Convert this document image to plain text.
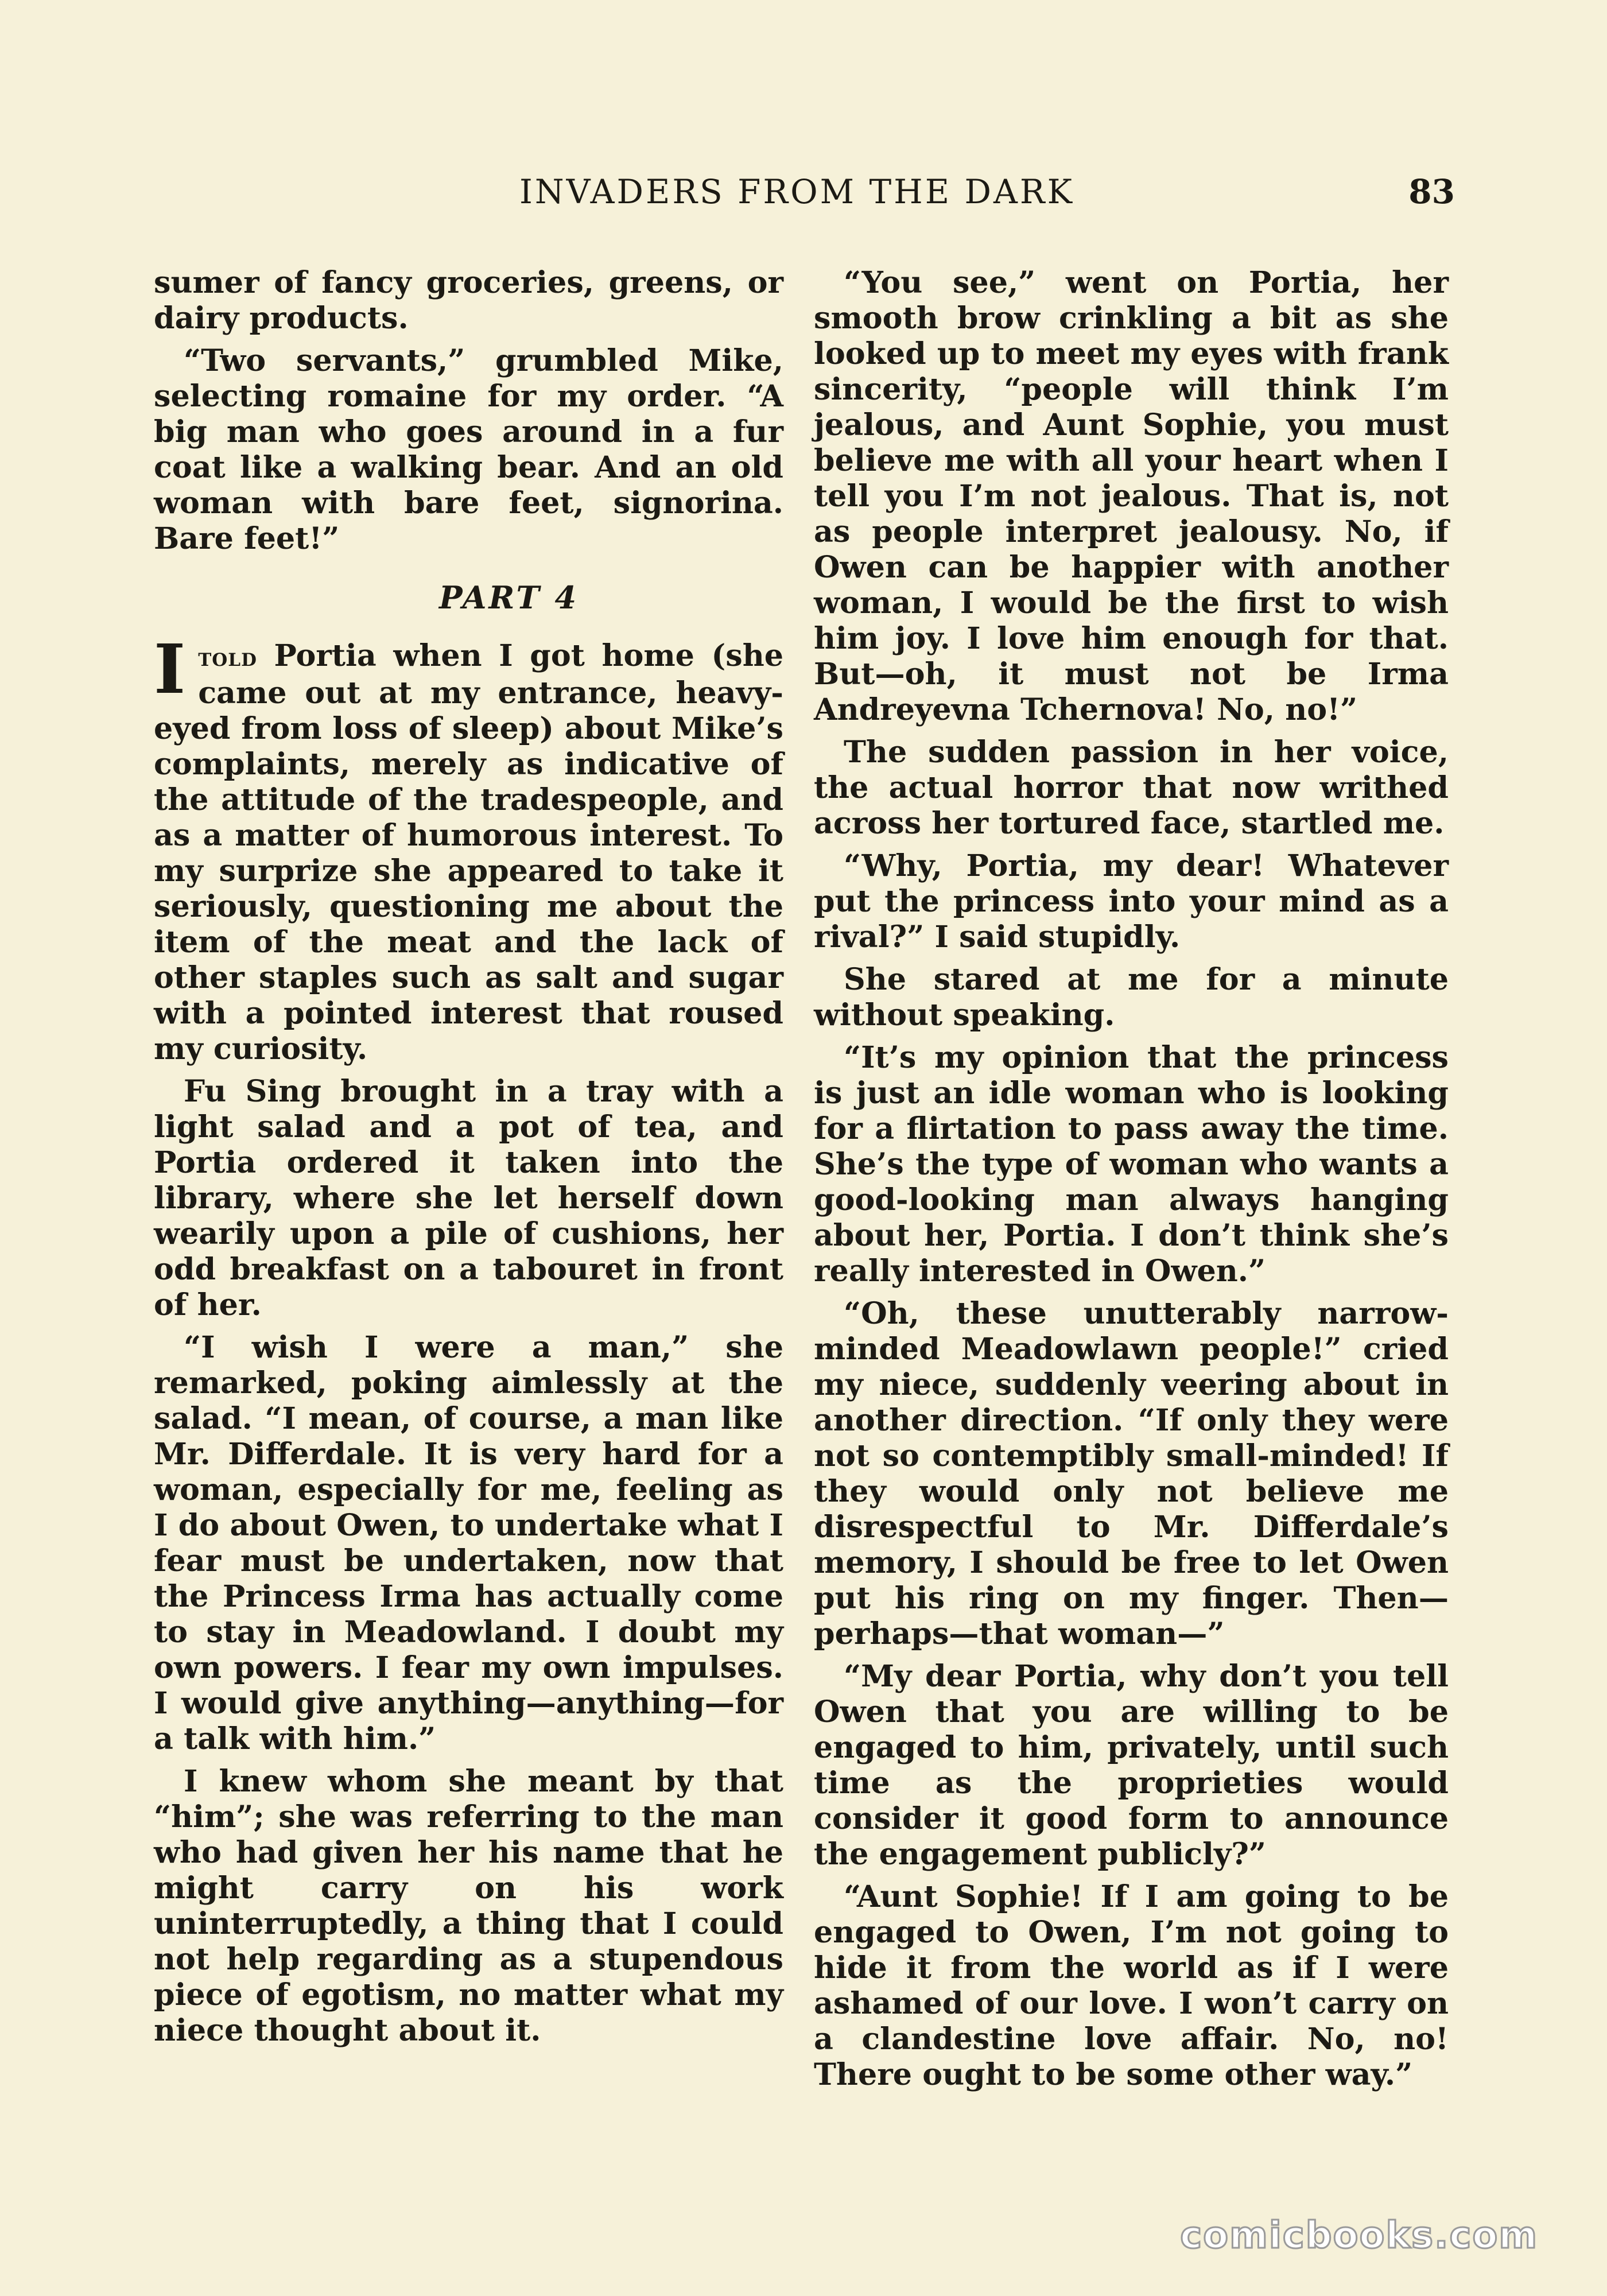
INVADERS FROM THE DARK	83

sumer of fancy groceries, greens, or dairy products.

“Two servants,” grumbled Mike, selecting romaine for my order. “A big man who goes around in a fur coat like a walking bear. And an old woman with bare feet, signorina. Bare feet!”

PART 4

Itold Portia when I got home (she came out at my entrance, heavy-eyed from loss of sleep) about Mike’s complaints, merely as indicative of the attitude of the tradespeople, and as a matter of humorous interest. To my surprize she appeared to take it seriously, questioning me about the item of the meat and the lack of other staples such as salt and sugar with a pointed interest that roused my curiosity.

Fu Sing brought in a tray with a light salad and a pot of tea, and Portia ordered it taken into the library, where she let herself down wearily upon a pile of cushions, her odd breakfast on a tabouret in front of her.

“I wish I were a man,” she remarked, poking aimlessly at the salad. “I mean, of course, a man like Mr. Differdale. It is very hard for a woman, especially for me, feeling as I do about Owen, to undertake what I fear must be undertaken, now that the Princess Irma has actually come to stay in Meadowland. I doubt my own powers. I fear my own impulses. I would give anything—anything—for a talk with him.”

I knew whom she meant by that “him”; she was referring to the man who had given her his name that he might carry on his work uninterruptedly, a thing that I could not help regarding as a stupendous piece of egotism, no matter what my niece thought about it.

“You see,” went on Portia, her smooth brow crinkling a bit as she looked up to meet my eyes with frank sincerity, “people will think I’m jealous, and Aunt Sophie, you must believe me with all your heart when I tell you I’m not jealous. That is, not as people interpret jealousy. No, if Owen can be happier with another woman, I would be the first to wish him joy. I love him enough for that. But—oh, it must not be Irma Andreyevna Tchernova! No, no!”

The sudden passion in her voice, the actual horror that now writhed across her tortured face, startled me.

“Why, Portia, my dear! Whatever put the princess into your mind as a rival?” I said stupidly.

She stared at me for a minute without speaking.

“It’s my opinion that the princess is just an idle woman who is looking for a flirtation to pass away the time. She’s the type of woman who wants a good-looking man always hanging about her, Portia. I don’t think she’s really interested in Owen.”

“Oh, these unutterably narrow-minded Meadowlawn people!” cried my niece, suddenly veering about in another direction. “If only they were not so contemptibly small-minded! If they would only not believe me disrespectful to Mr. Differdale’s memory, I should be free to let Owen put his ring on my finger. Then—perhaps—that woman—”

“My dear Portia, why don’t you tell Owen that you are willing to be engaged to him, privately, until such time as the proprieties would consider it good form to announce the engagement publicly?”

“Aunt Sophie! If I am going to be engaged to Owen, I’m not going to hide it from the world as if I were ashamed of our love. I won’t carry on a clandestine love affair. No, no! There ought to be some other way.”

comicbooks.com
